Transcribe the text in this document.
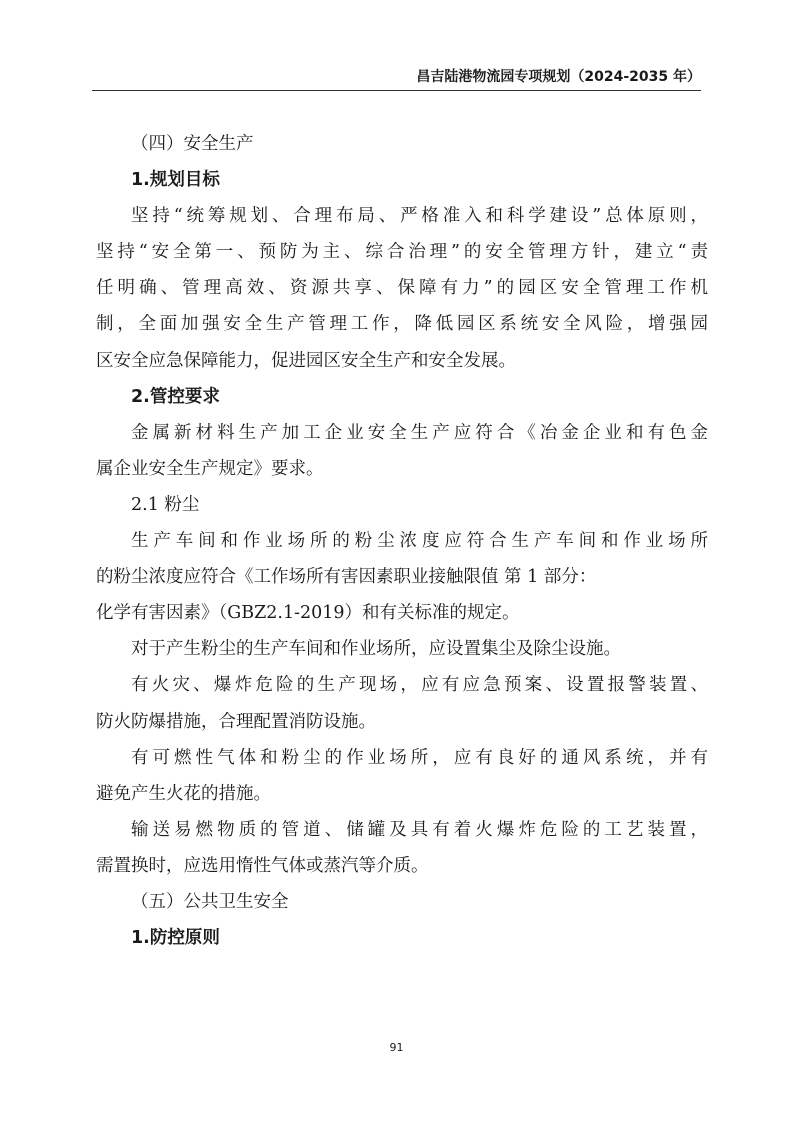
昌吉陆港物流园专项规划（2024-2035 年）
（四）安全生产
1.规划目标
坚持“统筹规划、合理布局、严格准入和科学建设”总体原则，
坚持“安全第一、预防为主、综合治理”的安全管理方针，建立“责
任明确、管理高效、资源共享、保障有力”的园区安全管理工作机
制，全面加强安全生产管理工作，降低园区系统安全风险，增强园
区安全应急保障能力，促进园区安全生产和安全发展。
2.管控要求
金属新材料生产加工企业安全生产应符合《冶金企业和有色金
属企业安全生产规定》要求。
2.1 粉尘
生产车间和作业场所的粉尘浓度应符合生产车间和作业场所
的粉尘浓度应符合《工作场所有害因素职业接触限值 第 1 部分：
化学有害因素》（GBZ2.1-2019）和有关标准的规定。
对于产生粉尘的生产车间和作业场所，应设置集尘及除尘设施。
有火灾、爆炸危险的生产现场，应有应急预案、设置报警装置、
防火防爆措施，合理配置消防设施。
有可燃性气体和粉尘的作业场所，应有良好的通风系统，并有
避免产生火花的措施。
输送易燃物质的管道、储罐及具有着火爆炸危险的工艺装置，
需置换时，应选用惰性气体或蒸汽等介质。
（五）公共卫生安全
1.防控原则
91
